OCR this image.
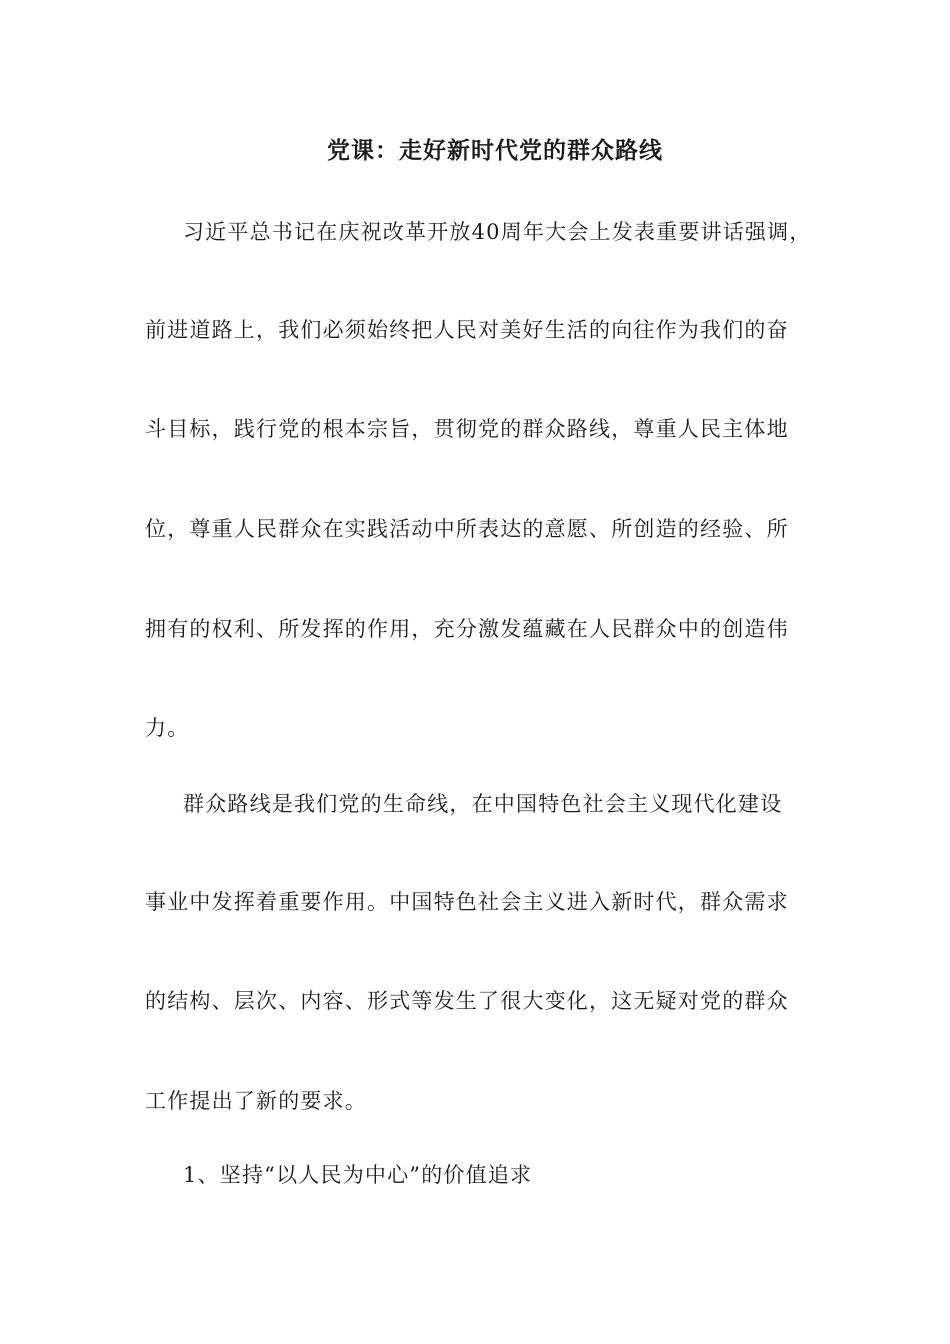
党课：走好新时代党的群众路线
习近平总书记在庆祝改革开放40周年大会上发表重要讲话强调，
前进道路上，我们必须始终把人民对美好生活的向往作为我们的奋
斗目标，践行党的根本宗旨，贯彻党的群众路线，尊重人民主体地
位，尊重人民群众在实践活动中所表达的意愿、所创造的经验、所
拥有的权利、所发挥的作用，充分激发蕴藏在人民群众中的创造伟
力。
群众路线是我们党的生命线，在中国特色社会主义现代化建设
事业中发挥着重要作用。中国特色社会主义进入新时代，群众需求
的结构、层次、内容、形式等发生了很大变化，这无疑对党的群众
工作提出了新的要求。
1、坚持“以人民为中心”的价值追求
